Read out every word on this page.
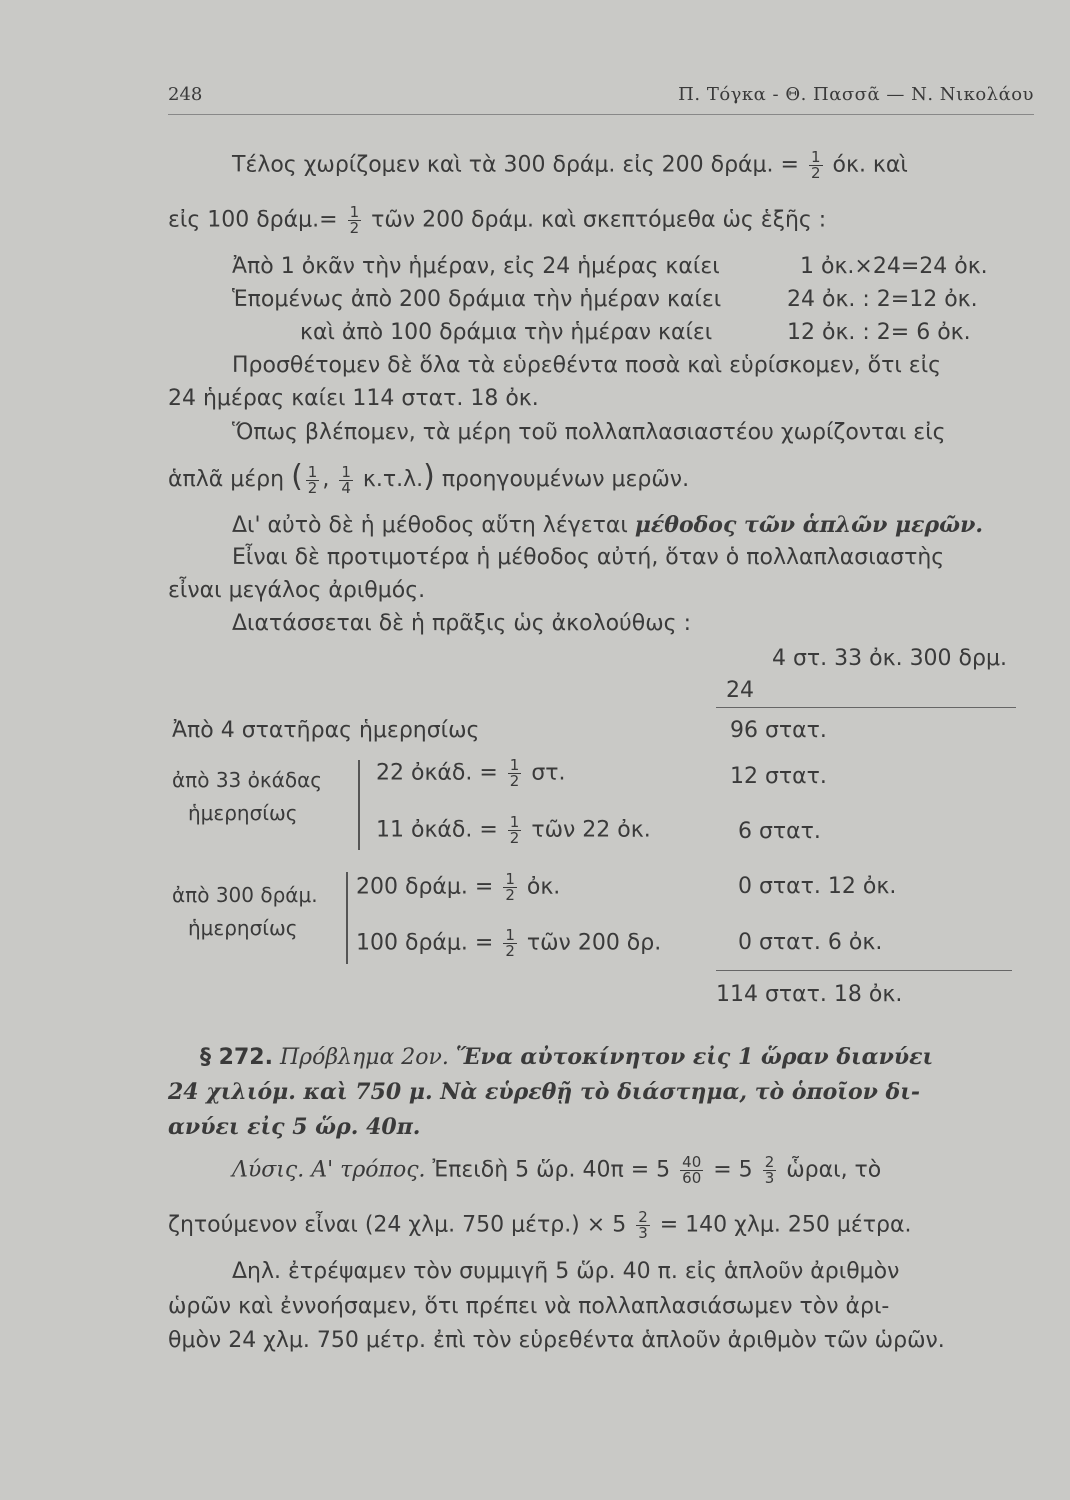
248	Π. Τόγκα - Θ. Πασσᾶ — Ν. Νικολάου
Τέλος χωρίζομεν καὶ τὰ 300 δράμ. εἰς 200 δράμ. = $\frac{1}{2} ό\kappa$. καὶ
εἰς 100 $\delta\rho ά\mu.= \frac{1}{2}$ τῶν 200 δράμ. καὶ σκεπτόμεθα ὡς ἑξῆς :
Ἀπὸ 1 ὀκᾶν τὴν ἡμέραν, εἰς 24 ἡμέρας καίει	1 ὀκ.×24=24 ὀκ.
Ἑπομένως ἀπὸ 200 δράμια τὴν ἡμέραν καίει	24 ὀκ. : 2=12 ὀκ.
καὶ ἀπὸ 100 δράμια τὴν ἡμέραν καίει	12 ὀκ. : 2= 6 ὀκ.
Προσθέτομεν δὲ ὅλα τὰ εὑρεθέντα ποσὰ καὶ εὑρίσκομεν, ὅτι εἰς
24 ἡμέρας καίει 114 στατ. 18 ὀκ.
Ὅπως βλέπομεν, τὰ μέρη τοῦ πολλαπλασιαστέου χωρίζονται εἰς
ἁπλᾶ μέρη ( $\frac{1}{2}$ , $\frac{1}{4} \kappa.\tau.\lambda$.) προηγουμένων μερῶν.
Δι' αὐτὸ δὲ ἡ μέθοδος αὕτη λέγεται μέθοδος τῶν ἁπλῶν μερῶν.
Εἶναι δὲ προτιμοτέρα ἡ μέθοδος αὐτή, ὅταν ὁ πολλαπλασιαστὴς
εἶναι μεγάλος ἀριθμός.
Διατάσσεται δὲ ἡ πρᾶξις ὡς ἀκολούθως :
4 στ. 33 ὀκ. 300 δρμ.
24
Ἀπὸ 4 στατῆρας ἡμερησίως	96 στατ.
ἀπὸ 33 ὀκάδας
ἡμερησίως
22 ὀκάδ. = $\frac{1}{2} \sigma\tau$.	12 στατ.
11 ὀκάδ. = $\frac{1}{2}$ τῶν 22 ὀκ.	6 στατ.
ἀπὸ 300 δράμ.
ἡμερησίως
200 δράμ. = $\frac{1}{2}$ ὀκ.	0 στατ. 12 ὀκ.
100 δράμ. = $\frac{1}{2}$ τῶν 200 δρ.	0 στατ. 6 ὀκ.
114 στατ. 18 ὀκ.
§ 272. Πρόβλημα 2ον. Ἕνα αὐτοκίνητον εἰς 1 ὥραν διανύει
24 χιλιόμ. καὶ 750 μ. Νὰ εὑρεθῇ τὸ διάστημα, τὸ ὁποῖον δι-
ανύει εἰς 5 ὥρ. 40π.
Λύσις. Α' τρόπος. Ἐπειδὴ 5 ὥρ. $40\pi = 5 \frac{40}{60} = 5 \frac{2}{3}$ ὧραι, τὸ
ζητούμενον εἶναι (24 χλμ. 750 $\mu έ\tau\rho.) \times 5 \frac{2}{3} = 140$ χλμ. 250 μέτρα.
Δηλ. ἐτρέψαμεν τὸν συμμιγῆ 5 ὥρ. 40 π. εἰς ἁπλοῦν ἀριθμὸν
ὡρῶν καὶ ἐννοήσαμεν, ὅτι πρέπει νὰ πολλαπλασιάσωμεν τὸν ἀρι-
θμὸν 24 χλμ. 750 μέτρ. ἐπὶ τὸν εὑρεθέντα ἁπλοῦν ἀριθμὸν τῶν ὡρῶν.
